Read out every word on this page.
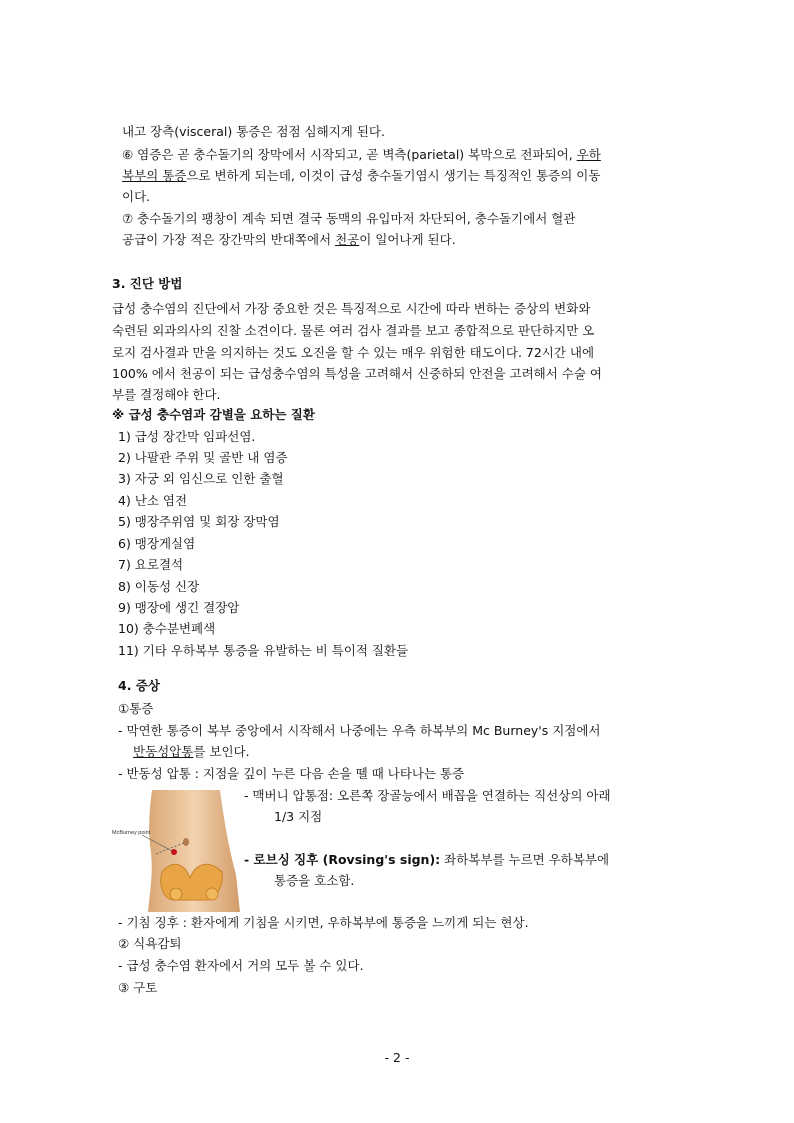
내고 장측(visceral) 통증은 점점 심해지게 된다.
⑥ 염증은 곧 충수돌기의 장막에서 시작되고, 곧 벽측(parietal) 복막으로 전파되어, 우하
복부의 통증으로 변하게 되는데, 이것이 급성 충수돌기염시 생기는 특징적인 통증의 이동
이다.
⑦ 충수돌기의 팽창이 계속 되면 결국 동맥의 유입마저 차단되어, 충수돌기에서 혈관
공급이 가장 적은 장간막의 반대쪽에서 천공이 일어나게 된다.
3. 진단 방법
급성 충수염의 진단에서 가장 중요한 것은 특징적으로 시간에 따라 변하는 증상의 변화와
숙련된 외과의사의 진찰 소견이다. 물론 여러 검사 결과를 보고 종합적으로 판단하지만 오
로지 검사결과 만을 의지하는 것도 오진을 할 수 있는 매우 위험한 태도이다. 72시간 내에
100% 에서 천공이 되는 급성충수염의 특성을 고려해서 신중하되 안전을 고려해서 수술 여
부를 결정해야 한다.
※ 급성 충수염과 감별을 요하는 질환
1) 급성 장간막 임파선염.
2) 나팔관 주위 및 골반 내 염증
3) 자궁 외 임신으로 인한 출혈
4) 난소 염전
5) 맹장주위염 및 회장 장막염
6) 맹장게실염
7) 요로결석
8) 이동성 신장
9) 맹장에 생긴 결장암
10) 충수분변폐색
11) 기타 우하복부 통증을 유발하는 비 특이적 질환들
4. 증상
①통증
- 막연한 통증이 복부 중앙에서 시작해서 나중에는 우측 하복부의 Mc Burney's 지점에서
반동성압통를 보인다.
- 반동성 압통 : 지점을 깊이 누른 다음 손을 뗄 때 나타나는 통증
McBurney point
- 맥버니 압통점: 오른쪽 장골능에서 배꼽을 연결하는 직선상의 아래
1/3 지점
- 로브싱 징후 (Rovsing's sign): 좌하복부를 누르면 우하복부에
통증을 호소함.
- 기침 징후 : 환자에게 기침을 시키면, 우하복부에 통증을 느끼게 되는 현상.
② 식욕감퇴
- 급성 충수염 환자에서 거의 모두 볼 수 있다.
③ 구토
- 2 -
